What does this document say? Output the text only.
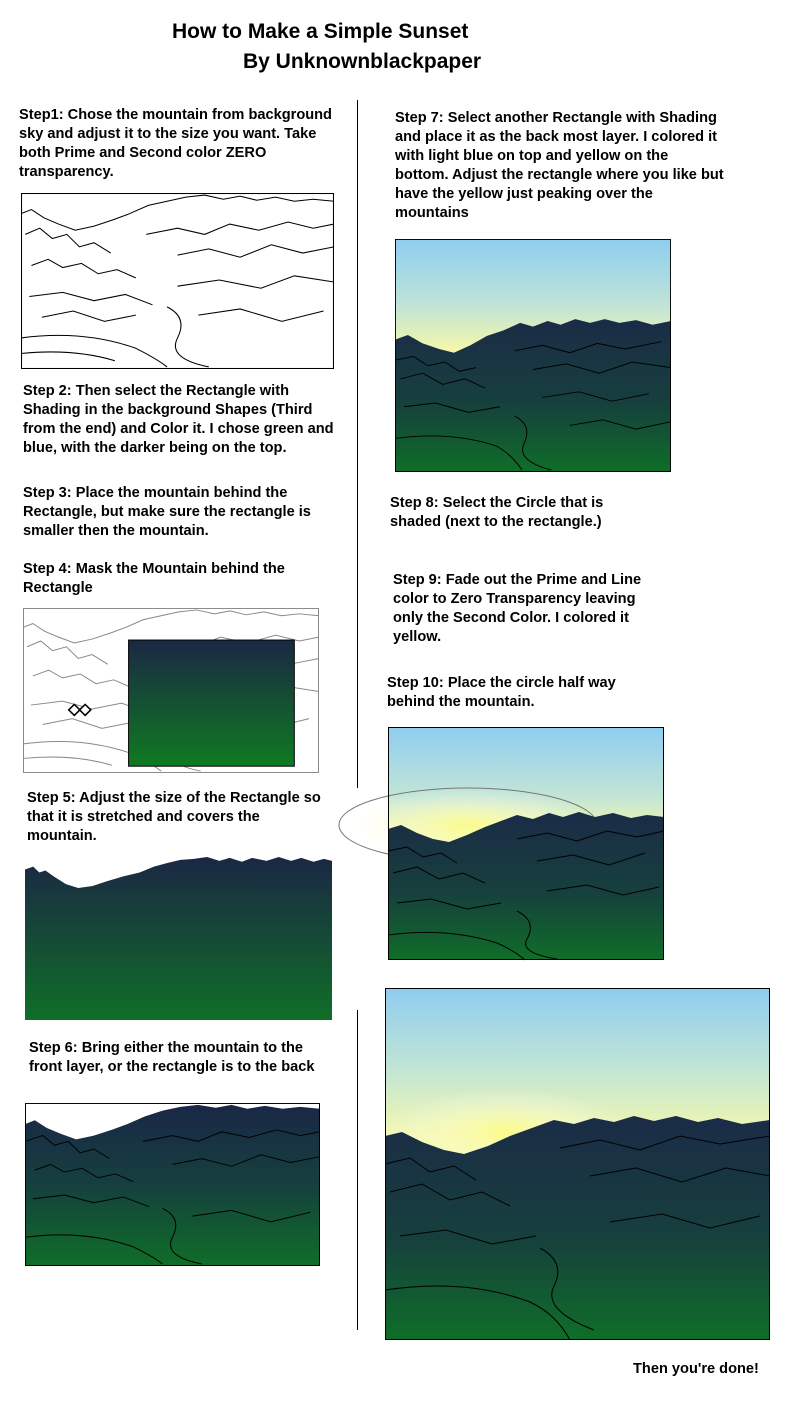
How to Make a Simple Sunset
By Unknownblackpaper

Step1: Chose the mountain from background sky and adjust it to the size you want. Take both Prime and Second color ZERO transparency.

Step 2: Then select the Rectangle with Shading in the background Shapes (Third from the end) and Color it. I chose green and blue, with the darker being on the top.

Step 3: Place the mountain behind the Rectangle, but make sure the rectangle is smaller then the mountain.

Step 4: Mask the Mountain behind the Rectangle

Step 5: Adjust the size of the Rectangle so that it is stretched and covers the mountain.

Step 6: Bring either the mountain to the front layer, or the rectangle is to the back

Step 7: Select another Rectangle with Shading and place it as the back most layer. I colored it with light blue on top and yellow on the bottom. Adjust the rectangle where you like but have the yellow just peaking over the mountains

Step 8: Select the Circle that is shaded (next to the rectangle.)

Step 9: Fade out the Prime and Line color to Zero Transparency leaving only the Second Color. I colored it yellow.

Step 10: Place the circle half way behind the mountain.

Then you're done!
